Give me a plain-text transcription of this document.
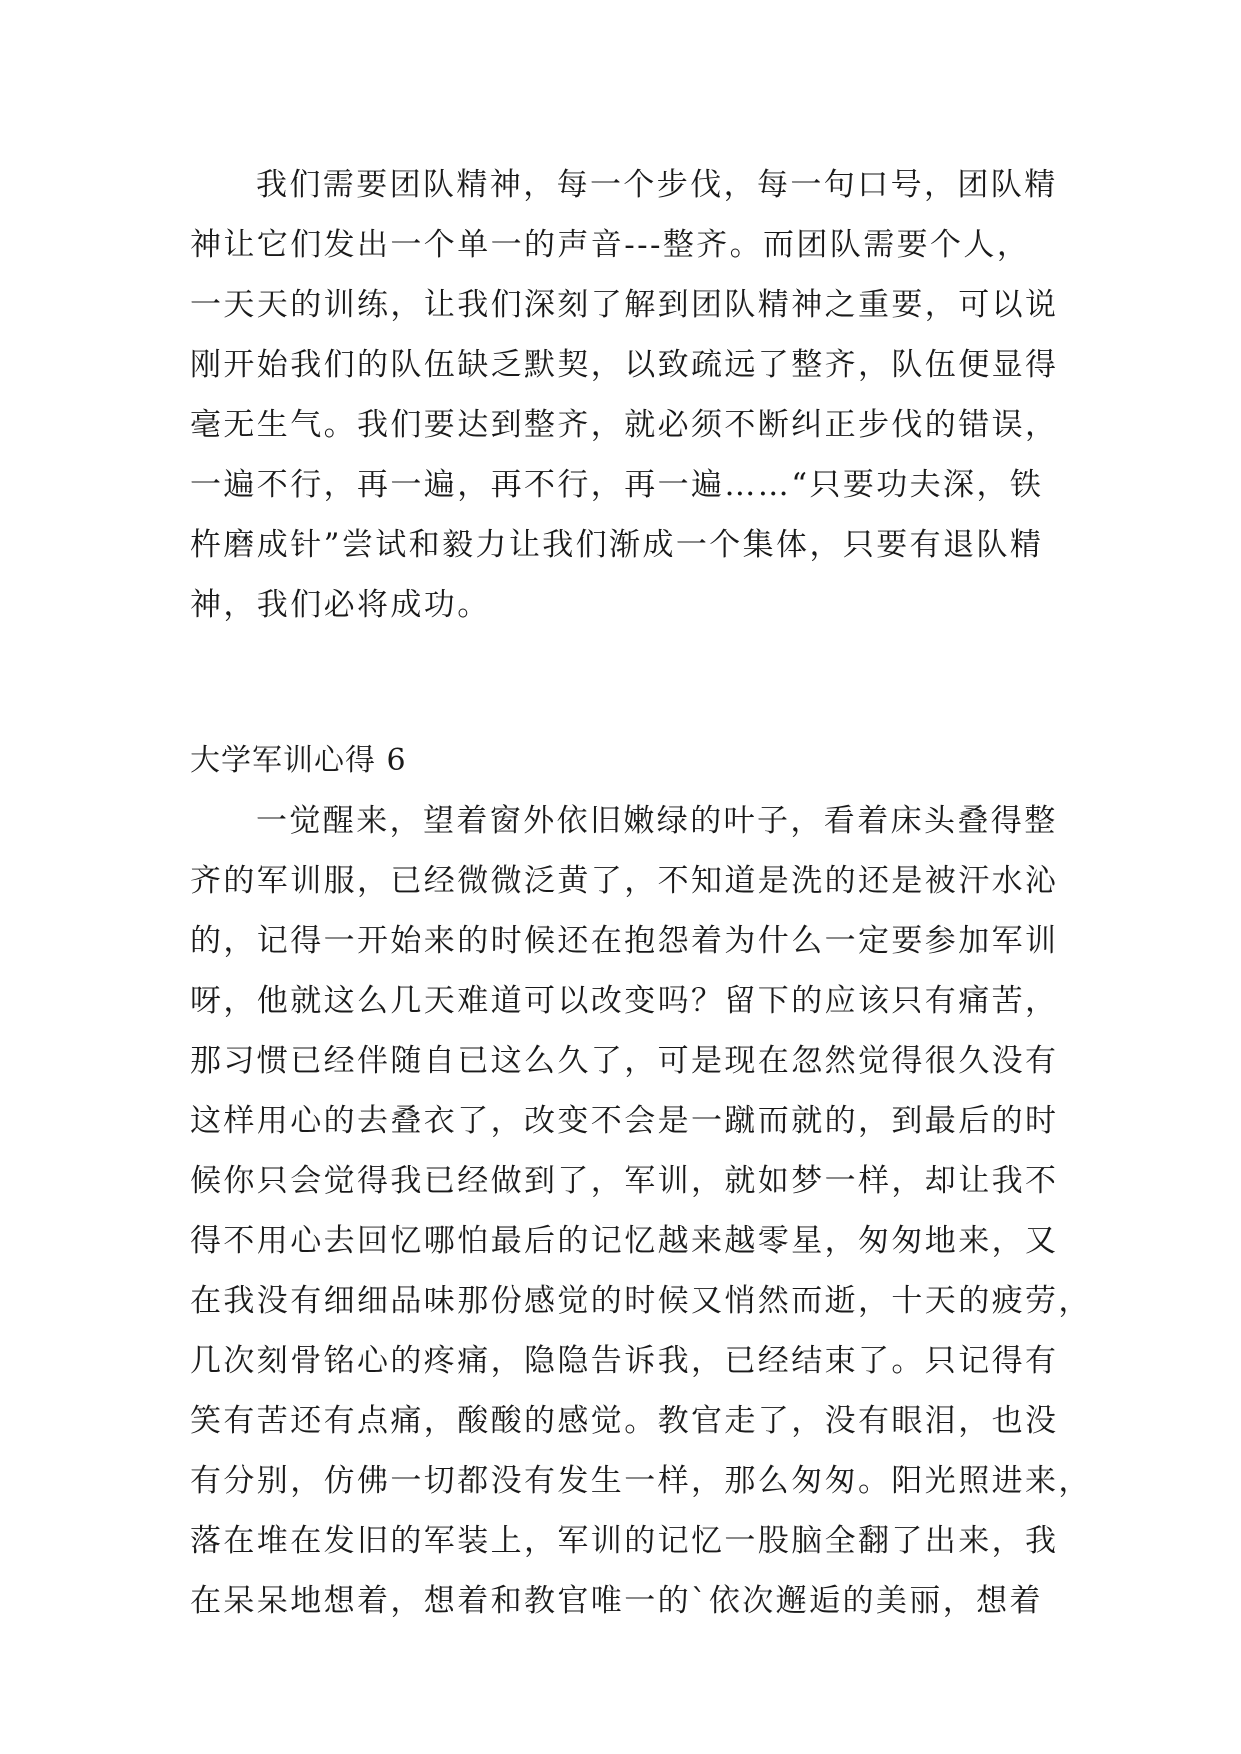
我们需要团队精神，每一个步伐，每一句口号，团队精
神让它们发出一个单一的声音---整齐。而团队需要个人，
一天天的训练，让我们深刻了解到团队精神之重要，可以说
刚开始我们的队伍缺乏默契，以致疏远了整齐，队伍便显得
毫无生气。我们要达到整齐，就必须不断纠正步伐的错误，
一遍不行，再一遍，再不行，再一遍……“只要功夫深，铁
杵磨成针”尝试和毅力让我们渐成一个集体，只要有退队精
神，我们必将成功。
大学军训心得 6
一觉醒来，望着窗外依旧嫩绿的叶子，看着床头叠得整
齐的军训服，已经微微泛黄了，不知道是洗的还是被汗水沁
的，记得一开始来的时候还在抱怨着为什么一定要参加军训
呀，他就这么几天难道可以改变吗？留下的应该只有痛苦，
那习惯已经伴随自已这么久了，可是现在忽然觉得很久没有
这样用心的去叠衣了，改变不会是一蹴而就的，到最后的时
候你只会觉得我已经做到了，军训，就如梦一样，却让我不
得不用心去回忆哪怕最后的记忆越来越零星，匆匆地来，又
在我没有细细品味那份感觉的时候又悄然而逝，十天的疲劳，
几次刻骨铭心的疼痛，隐隐告诉我，已经结束了。只记得有
笑有苦还有点痛，酸酸的感觉。教官走了，没有眼泪，也没
有分别，仿佛一切都没有发生一样，那么匆匆。阳光照进来，
落在堆在发旧的军装上，军训的记忆一股脑全翻了出来，我
在呆呆地想着，想着和教官唯一的`依次邂逅的美丽，想着
